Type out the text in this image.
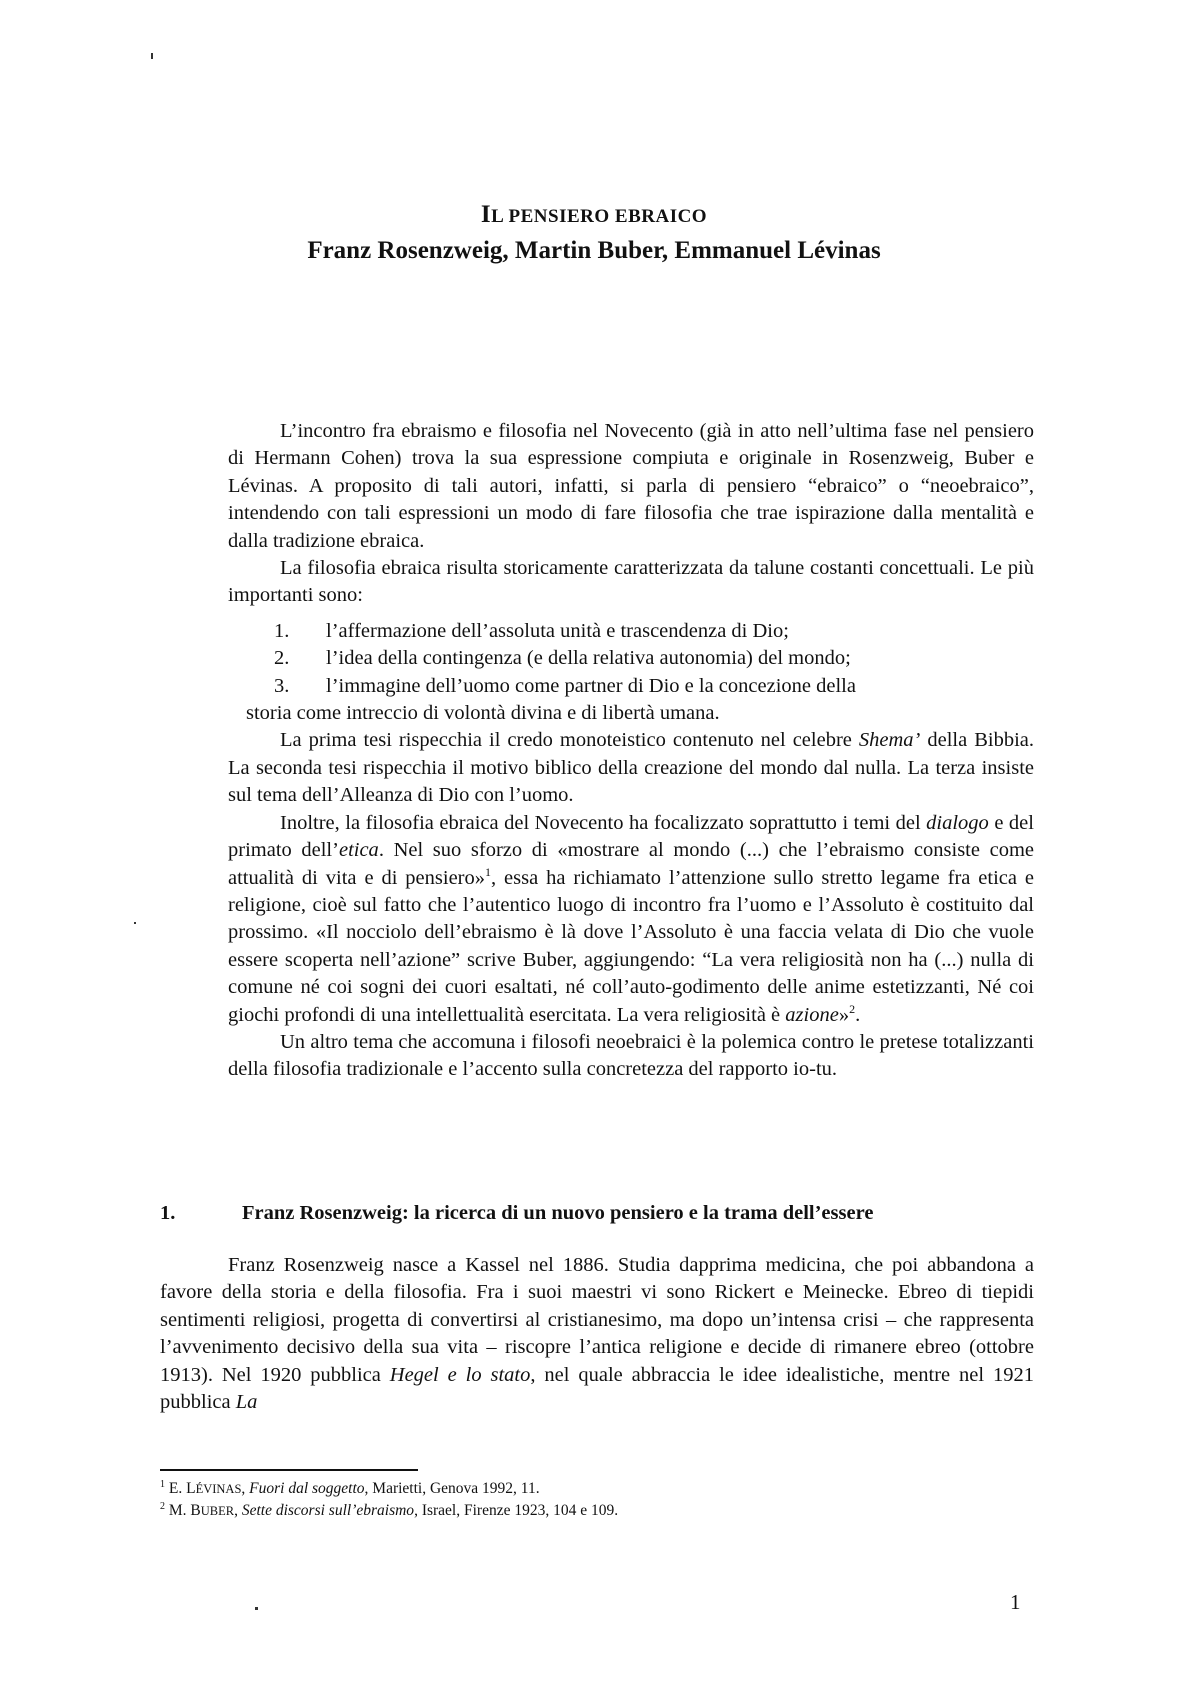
IL PENSIERO EBRAICO
Franz Rosenzweig, Martin Buber, Emmanuel Lévinas

L’incontro fra ebraismo e filosofia nel Novecento (già in atto nell’ultima fase nel pensiero di Hermann Cohen) trova la sua espressione compiuta e originale in Rosenzweig, Buber e Lévinas. A proposito di tali autori, infatti, si parla di pensiero “ebraico” o “neoebraico”, intendendo con tali espressioni un modo di fare filosofia che trae ispirazione dalla mentalità e dalla tradizione ebraica.

La filosofia ebraica risulta storicamente caratterizzata da talune costanti concettuali. Le più importanti sono:

1. l’affermazione dell’assoluta unità e trascendenza di Dio;

2. l’idea della contingenza (e della relativa autonomia) del mondo;

3. l’immagine dell’uomo come partner di Dio e la concezione della

storia come intreccio di volontà divina e di libertà umana.

La prima tesi rispecchia il credo monoteistico contenuto nel celebre Shema’ della Bibbia. La seconda tesi rispecchia il motivo biblico della creazione del mondo dal nulla. La terza insiste sul tema dell’Alleanza di Dio con l’uomo.

Inoltre, la filosofia ebraica del Novecento ha focalizzato soprattutto i temi del dialogo e del primato dell’etica. Nel suo sforzo di «mostrare al mondo (...) che l’ebraismo consiste come attualità di vita e di pensiero»$^1$, essa ha richiamato l’attenzione sullo stretto legame fra etica e religione, cioè sul fatto che l’autentico luogo di incontro fra l’uomo e l’Assoluto è costituito dal prossimo. «Il nocciolo dell’ebraismo è là dove l’Assoluto è una faccia velata di Dio che vuole essere scoperta nell’azione” scrive Buber, aggiungendo: “La vera religiosità non ha (...) nulla di comune né coi sogni dei cuori esaltati, né coll’auto-godimento delle anime estetizzanti, Né coi giochi profondi di una intellettualità esercitata. La vera religiosità è azione»$^2$.

Un altro tema che accomuna i filosofi neoebraici è la polemica contro le pretese totalizzanti della filosofia tradizionale e l’accento sulla concretezza del rapporto io-tu.

1.	Franz Rosenzweig: la ricerca di un nuovo pensiero e la trama dell’essere

Franz Rosenzweig nasce a Kassel nel 1886. Studia dapprima medicina, che poi abbandona a favore della storia e della filosofia. Fra i suoi maestri vi sono Rickert e Meinecke. Ebreo di tiepidi sentimenti religiosi, progetta di convertirsi al cristianesimo, ma dopo un’intensa crisi – che rappresenta l’avvenimento decisivo della sua vita – riscopre l’antica religione e decide di rimanere ebreo (ottobre 1913). Nel 1920 pubblica Hegel e lo stato, nel quale abbraccia le idee idealistiche, mentre nel 1921 pubblica La

$^1$ E. LÉVINAS, Fuori dal soggetto, Marietti, Genova 1992, 11.
$^2$ M. BUBER, Sette discorsi sull’ebraismo, Israel, Firenze 1923, 104 e 109.
1
